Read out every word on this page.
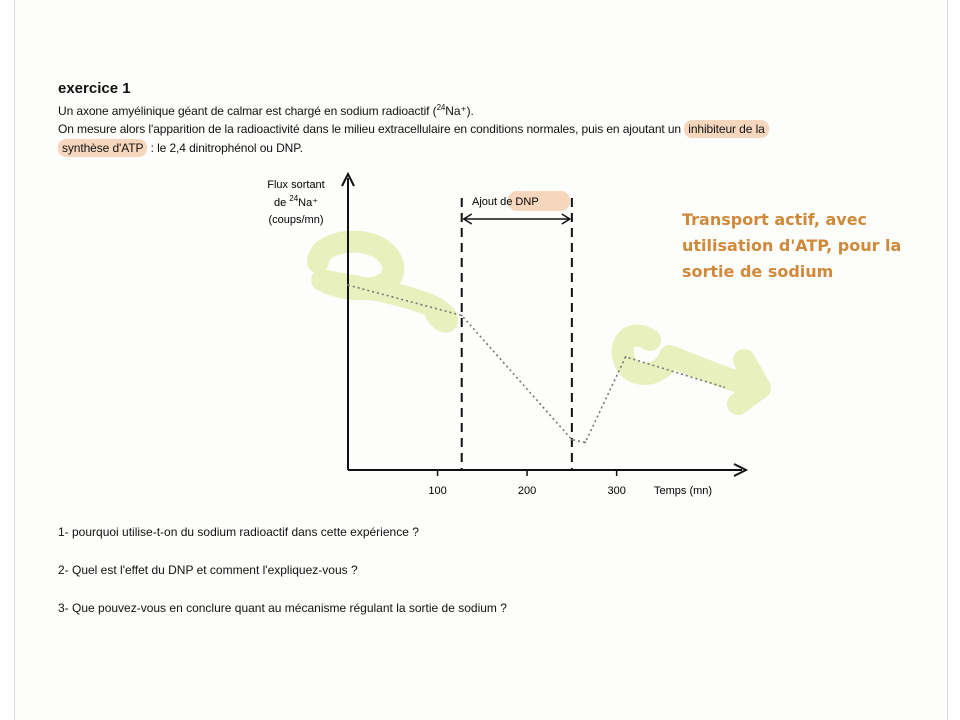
exercice 1
Un axone amyélinique géant de calmar est chargé en sodium radioactif ($^{24}$Na⁺).
On mesure alors l'apparition de la radioactivité dans le milieu extracellulaire en conditions normales, puis en ajoutant un inhibiteur de la
synthèse d'ATP : le 2,4 dinitrophénol ou DNP.
100	200	300
Ajout de DNP
Flux sortant
de $^{24}$Na⁺
(coups/mn)
Temps (mn)
Transport actif, avec
utilisation d'ATP, pour la
sortie de sodium
1- pourquoi utilise-t-on du sodium radioactif dans cette expérience ?
2- Quel est l'effet du DNP et comment l'expliquez-vous ?
3- Que pouvez-vous en conclure quant au mécanisme régulant la sortie de sodium ?
